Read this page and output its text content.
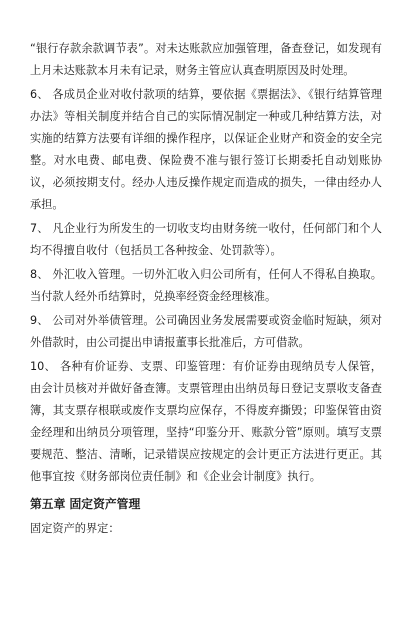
“银行存款余款调节表”。对未达账款应加强管理，备查登记，如发现有上月未达账款本月未有记录，财务主管应认真查明原因及时处理。

6、 各成员企业对收付款项的结算，要依据《票据法》、《银行结算管理办法》等相关制度并结合自己的实际情况制定一种或几种结算方法，对实施的结算方法要有详细的操作程序，以保证企业财产和资金的安全完整。对水电费、邮电费、保险费不准与银行签订长期委托自动划账协议，必须按期支付。经办人违反操作规定而造成的损失，一律由经办人承担。

7、 凡企业行为所发生的一切收支均由财务统一收付，任何部门和个人均不得擅自收付（包括员工各种按金、处罚款等）。

8、 外汇收入管理。一切外汇收入归公司所有，任何人不得私自换取。当付款人经外币结算时，兑换率经资金经理核准。

9、 公司对外举债管理。公司确因业务发展需要或资金临时短缺，须对外借款时，由公司提出申请报董事长批准后，方可借款。

10、 各种有价证券、支票、印鉴管理：有价证券由现纳员专人保管，由会计员核对并做好备查簿。支票管理由出纳员每日登记支票收支备查簿，其支票存根联或废作支票均应保存，不得废弃撕毁；印鉴保管由资金经理和出纳员分项管理，坚持“印鉴分开、账款分管”原则。填写支票要规范、整洁、清晰，记录错误应按规定的会计更正方法进行更正。其他事宜按《财务部岗位责任制》和《企业会计制度》执行。

第五章 固定资产管理

固定资产的界定：
